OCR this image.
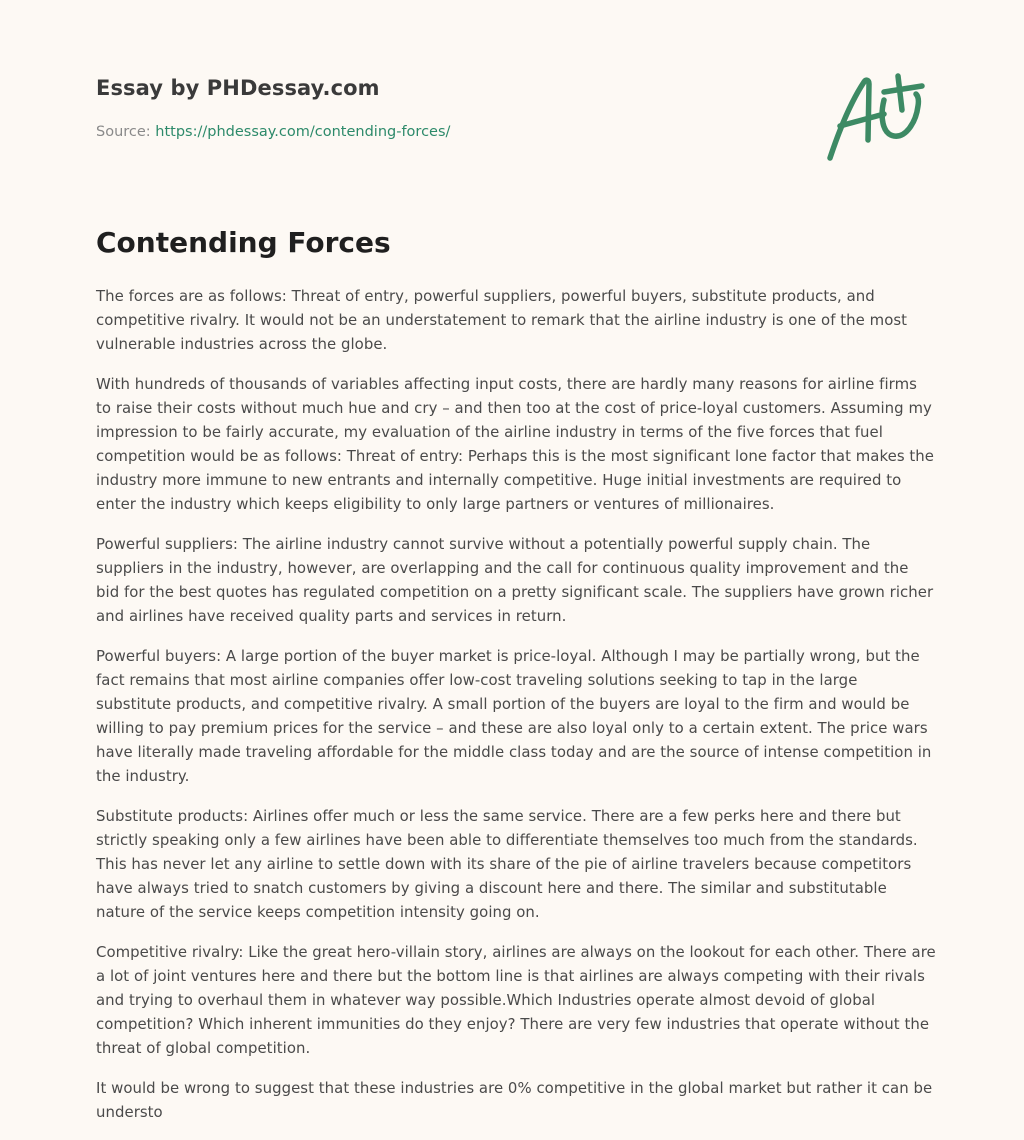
Essay by PHDessay.com
Source: https://phdessay.com/contending-forces/
Contending Forces

The forces are as follows: Threat of entry, powerful suppliers, powerful buyers, substitute products, and competitive rivalry. It would not be an understatement to remark that the airline industry is one of the most vulnerable industries across the globe.

With hundreds of thousands of variables affecting input costs, there are hardly many reasons for airline firms to raise their costs without much hue and cry – and then too at the cost of price-loyal customers. Assuming my impression to be fairly accurate, my evaluation of the airline industry in terms of the five forces that fuel competition would be as follows: Threat of entry: Perhaps this is the most significant lone factor that makes the industry more immune to new entrants and internally competitive. Huge initial investments are required to enter the industry which keeps eligibility to only large partners or ventures of millionaires.

Powerful suppliers: The airline industry cannot survive without a potentially powerful supply chain. The suppliers in the industry, however, are overlapping and the call for continuous quality improvement and the bid for the best quotes has regulated competition on a pretty significant scale. The suppliers have grown richer and airlines have received quality parts and services in return.

Powerful buyers: A large portion of the buyer market is price-loyal. Although I may be partially wrong, but the fact remains that most airline companies offer low-cost traveling solutions seeking to tap in the large substitute products, and competitive rivalry. A small portion of the buyers are loyal to the firm and would be willing to pay premium prices for the service – and these are also loyal only to a certain extent. The price wars have literally made traveling affordable for the middle class today and are the source of intense competition in the industry.

Substitute products: Airlines offer much or less the same service. There are a few perks here and there but strictly speaking only a few airlines have been able to differentiate themselves too much from the standards. This has never let any airline to settle down with its share of the pie of airline travelers because competitors have always tried to snatch customers by giving a discount here and there. The similar and substitutable nature of the service keeps competition intensity going on.

Competitive rivalry: Like the great hero-villain story, airlines are always on the lookout for each other. There are a lot of joint ventures here and there but the bottom line is that airlines are always competing with their rivals and trying to overhaul them in whatever way possible.Which Industries operate almost devoid of global competition? Which inherent immunities do they enjoy? There are very few industries that operate without the threat of global competition.

It would be wrong to suggest that these industries are 0% competitive in the global market but rather it can be understo
